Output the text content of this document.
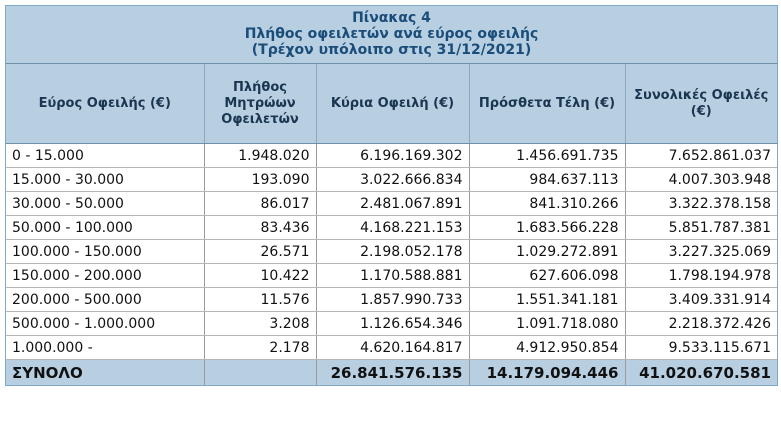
Πίνακας 4
Πλήθος οφειλετών ανά εύρος οφειλής
(Τρέχον υπόλοιπο στις 31/12/2021)
Εύρος Οφειλής (€)	Πλήθος Μητρώων Οφειλετών	Κύρια Οφειλή (€)	Πρόσθετα Τέλη (€)	Συνολικές Οφειλές (€)
0 - 15.000	1.948.020	6.196.169.302	1.456.691.735	7.652.861.037
15.000 - 30.000	193.090	3.022.666.834	984.637.113	4.007.303.948
30.000 - 50.000	86.017	2.481.067.891	841.310.266	3.322.378.158
50.000 - 100.000	83.436	4.168.221.153	1.683.566.228	5.851.787.381
100.000 - 150.000	26.571	2.198.052.178	1.029.272.891	3.227.325.069
150.000 - 200.000	10.422	1.170.588.881	627.606.098	1.798.194.978
200.000 - 500.000	11.576	1.857.990.733	1.551.341.181	3.409.331.914
500.000 - 1.000.000	3.208	1.126.654.346	1.091.718.080	2.218.372.426
1.000.000 -	2.178	4.620.164.817	4.912.950.854	9.533.115.671
ΣΥΝΟΛΟ		26.841.576.135	14.179.094.446	41.020.670.581
